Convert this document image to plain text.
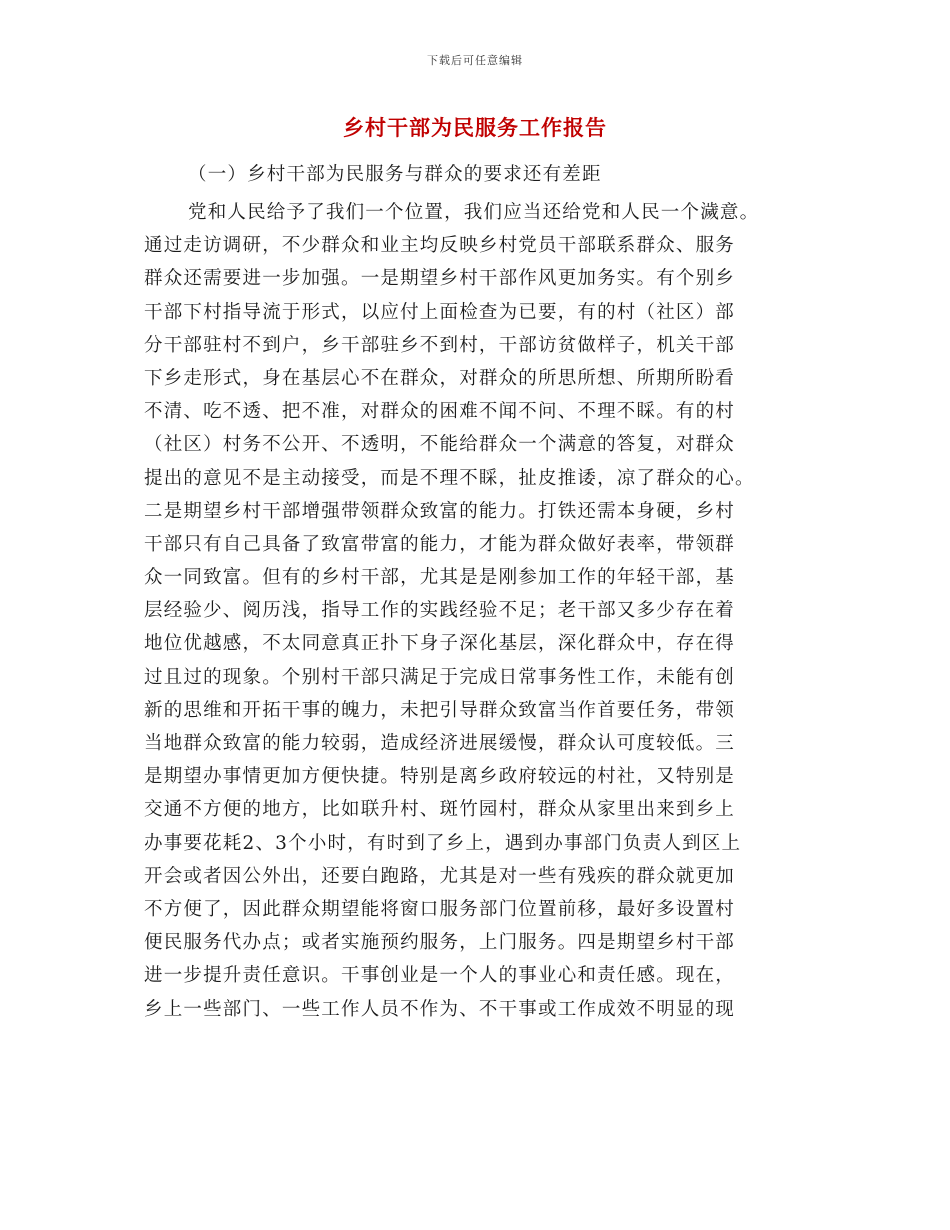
下载后可任意编辑
乡村干部为民服务工作报告
（一）乡村干部为民服务与群众的要求还有差距
党和人民给予了我们一个位置，我们应当还给党和人民一个濊意。
通过走访调研，不少群众和业主均反映乡村党员干部联系群众、服务
群众还需要进一步加强。一是期望乡村干部作风更加务实。有个别乡
干部下村指导流于形式，以应付上面检查为已要，有的村（社区）部
分干部驻村不到户，乡干部驻乡不到村，干部访贫做样子，机关干部
下乡走形式，身在基层心不在群众，对群众的所思所想、所期所盼看
不清、吃不透、把不准，对群众的困难不闻不问、不理不睬。有的村
（社区）村务不公开、不透明，不能给群众一个满意的答复，对群众
提出的意见不是主动接受，而是不理不睬，扯皮推诿，凉了群众的心。
二是期望乡村干部增强带领群众致富的能力。打铁还需本身硬，乡村
干部只有自己具备了致富带富的能力，才能为群众做好表率，带领群
众一同致富。但有的乡村干部，尤其是是刚参加工作的年轻干部，基
层经验少、阅历浅，指导工作的实践经验不足；老干部又多少存在着
地位优越感，不太同意真正扑下身子深化基层，深化群众中，存在得
过且过的现象。个别村干部只满足于完成日常事务性工作，未能有创
新的思维和开拓干事的魄力，未把引导群众致富当作首要任务，带领
当地群众致富的能力较弱，造成经济进展缓慢，群众认可度较低。三
是期望办事情更加方便快捷。特别是离乡政府较远的村社，又特别是
交通不方便的地方，比如联升村、斑竹园村，群众从家里出来到乡上
办事要花耗2、3个小时，有时到了乡上，遇到办事部门负责人到区上
开会或者因公外出，还要白跑路，尤其是对一些有残疾的群众就更加
不方便了，因此群众期望能将窗口服务部门位置前移，最好多设置村
便民服务代办点；或者实施预约服务，上门服务。四是期望乡村干部
进一步提升责任意识。干事创业是一个人的事业心和责任感。现在，
乡上一些部门、一些工作人员不作为、不干事或工作成效不明显的现
